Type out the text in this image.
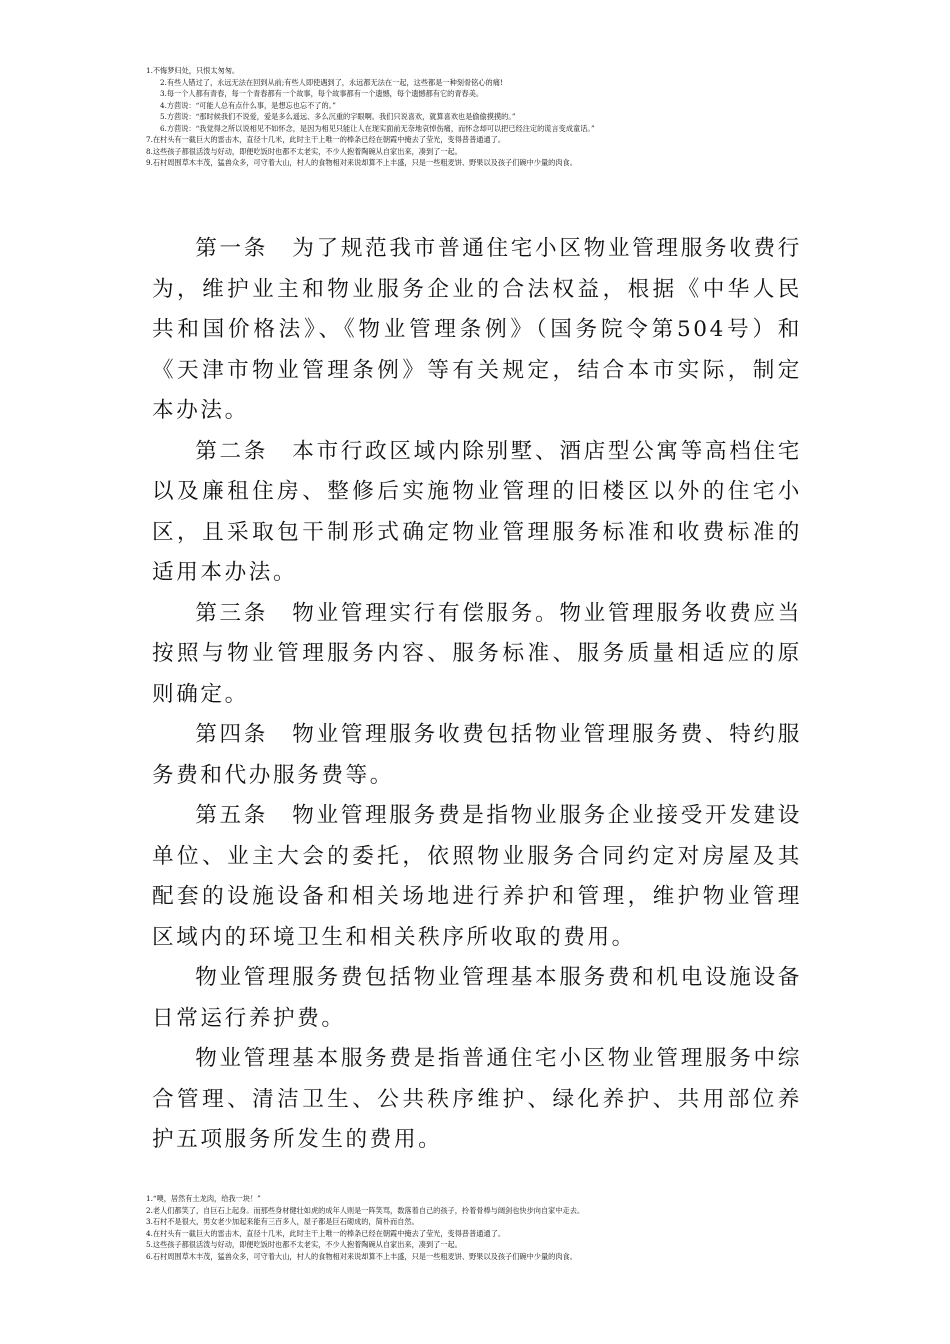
1.不悔梦归处，只恨太匆匆。
2.有些人错过了，永远无法在回到从前;有些人即使遇到了，永远都无法在一起，这些都是一种刻骨铭心的痛!
3.每一个人都有青春，每一个青春都有一个故事，每个故事都有一个遗憾，每个遗憾都有它的青春美。
4.方茴说：“可能人总有点什么事，是想忘也忘不了的。”
5.方茴说：“那时候我们不说爱，爱是多么遥远、多么沉重的字眼啊。我们只说喜欢，就算喜欢也是偷偷摸摸的。”
6.方茴说：“我觉得之所以说相见不如怀念，是因为相见只能让人在现实面前无奈地哀悼伤痛，而怀念却可以把已经注定的谎言变成童话。”
7.在村头有一截巨大的雷击木，直径十几米，此时主干上唯一的棒条已经在朝霞中掩去了莹光，变得普普通通了。
8.这些孩子都很活泼与好动，即便吃饭时也都不太老实，不少人抱着陶碗从自家出来，凑到了一起。
9.石村周围草木丰茂，猛兽众多，可守着大山，村人的食物相对来说却算不上丰盛，只是一些粗麦饼、野果以及孩子们碗中少量的肉食。

第一条　为了规范我市普通住宅小区物业管理服务收费行为，维护业主和物业服务企业的合法权益，根据《中华人民共和国价格法》、《物业管理条例》（国务院令第504号）和《天津市物业管理条例》等有关规定，结合本市实际，制定本办法。

第二条　本市行政区域内除别墅、酒店型公寓等高档住宅以及廉租住房、整修后实施物业管理的旧楼区以外的住宅小区，且采取包干制形式确定物业管理服务标准和收费标准的适用本办法。

第三条　物业管理实行有偿服务。物业管理服务收费应当按照与物业管理服务内容、服务标准、服务质量相适应的原则确定。

第四条　物业管理服务收费包括物业管理服务费、特约服务费和代办服务费等。

第五条　物业管理服务费是指物业服务企业接受开发建设单位、业主大会的委托，依照物业服务合同约定对房屋及其配套的设施设备和相关场地进行养护和管理，维护物业管理区域内的环境卫生和相关秩序所收取的费用。

物业管理服务费包括物业管理基本服务费和机电设施设备日常运行养护费。

物业管理基本服务费是指普通住宅小区物业管理服务中综合管理、清洁卫生、公共秩序维护、绿化养护、共用部位养护五项服务所发生的费用。

1.“噢，居然有土龙肉，给我一块！”
2.老人们都笑了，自巨石上起身。而那些身材健壮如虎的成年人则是一阵笑骂，数落着自己的孩子，拎着骨棒与阔剑也快步向自家中走去。
3.石村不是很大，男女老少加起来能有三百多人，屋子都是巨石砌成的，简朴而自然。
4.在村头有一截巨大的雷击木，直径十几米，此时主干上唯一的棒条已经在朝霞中掩去了莹光，变得普普通通了。
5.这些孩子都很活泼与好动，即便吃饭时也都不太老实，不少人抱着陶碗从自家出来，凑到了一起。
6.石村周围草木丰茂，猛兽众多，可守着大山，村人的食物相对来说却算不上丰盛，只是一些粗麦饼、野果以及孩子们碗中少量的肉食。
